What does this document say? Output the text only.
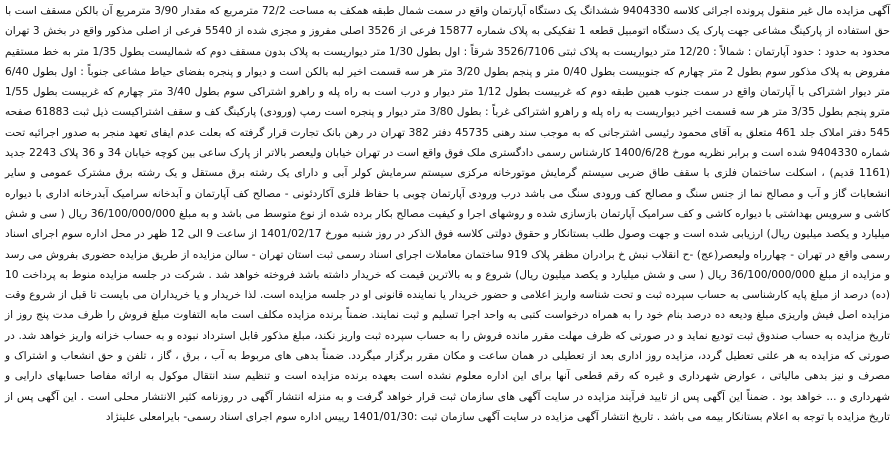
آگهی مزایده مال غیر منقول پرونده اجرائی کلاسه 9404330 ششدانگ یک دستگاه آپارتمان واقع در سمت شمال طبقه همکف به مساحت 72/2 مترمربع که مقدار 3/90 مترمربع آن بالکن مسقف است با حق استفاده از پارکینگ مشاعی جهت پارک یک دستگاه اتومبیل قطعه 1 تفکیکی به پلاک شماره 15877 فرعی از 3526 اصلی مفروز و مجزی شده از 5540 فرعی از اصلی مذکور واقع در بخش 3 تهران محدود به حدود : حدود آپارتمان : شمالاً : 12/20 متر دیواریست به پلاک ثبتی 3526/7106 شرقاً : اول بطول 1/30 متر دیواریست به پلاک بدون مسقف دوم که شمالیست بطول 1/35 متر به خط مستقیم مفروض به پلاک مذکور سوم بطول 2 متر چهارم که جنوبیست بطول 0/40 متر و پنجم بطول 3/20 متر هر سه قسمت اخیر لبه بالکن است و دیوار و پنجره بفضای حیاط مشاعی جنوباً : اول بطول 6/40 متر دیوار اشتراکی با آپارتمان واقع در سمت جنوب همین طبقه دوم که غربیست بطول 1/12 متر دیوار و درب است به راه پله و راهرو اشتراکی سوم بطول 3/40 متر چهارم که غربیست بطول 1/55 مترو پنجم بطول 3/35 متر هر سه قسمت اخیر دیواریست به راه پله و راهرو اشتراکی غرباً : بطول 3/80 متر دیوار و پنجره است رمپ (ورودی) پارکینگ کف و سقف اشتراکیست ذیل ثبت 61883 صفحه 545 دفتر املاک جلد 461 متعلق به آقای محمود رئیسی اشترجانی که به موجب سند رهنی 45735 دفتر 382 تهران در رهن بانک تجارت قرار گرفته که بعلت عدم ایفای تعهد منجر به صدور اجرائیه تحت شماره 9404330 شده است و برابر نظریه مورخ 1400/6/28 کارشناس رسمی دادگستری ملک فوق واقع است در تهران خیابان ولیعصر بالاتر از پارک ساعی بین کوچه خیابان 34 و 36 پلاک 2243 جدید (1161 قدیم) ، اسکلت ساختمان فلزی با سقف طاق ضربی سیستم گرمایش موتورخانه مرکزی سیستم سرمایش کولر آبی و دارای یک رشته برق مستقل و یک رشته برق مشترک عمومی و سایر انشعابات گاز و آب و مصالح نما از جنس سنگ و مصالح کف ورودی سنگ می باشد درب ورودی آپارتمان چوبی با حفاظ فلزی آکاردئونی - مصالح کف آپارتمان و آبدخانه سرامیک آبدرخانه اداری با دیواره کاشی و سرویس بهداشتی با دیواره کاشی و کف سرامیک آپارتمان بازسازی شده و روشهای اجرا و کیفیت مصالح بکار برده شده از نوع متوسط می باشد و به مبلغ 36/100/000/000 ریال ( سی و شش میلیارد و یکصد میلیون ریال) ارزیابی شده است و جهت وصول طلب بستانکار و حقوق دولتی کلاسه فوق الذکر در روز شنبه مورخ 1401/02/17 از ساعت 9 الی 12 ظهر در محل اداره سوم اجرای اسناد رسمی واقع در تهران - چهارراه ولیعصر(عج) -ح انقلاب نبش خ برادران مظفر پلاک 919 ساختمان معاملات اجرای اسناد رسمی ثبت استان تهران - سالن مزایده از طریق مزایده حضوری بفروش می رسد و مزایده از مبلغ 36/100/000/000 ریال ( سی و شش میلیارد و یکصد میلیون ریال) شروع و به بالاترین قیمت که خریدار داشته باشد فروخته خواهد شد . شرکت در جلسه مزایده منوط به پرداخت 10 (ده) درصد از مبلغ پایه کارشناسی به حساب سپرده ثبت و تحت شناسه واریز اعلامی و حضور خریدار یا نماینده قانونی او در جلسه مزایده است. لذا خریدار و یا خریداران می بایست تا قبل از شروع وقت مزایده اصل فیش واریزی مبلغ ودیعه ده درصد بنام خود را به همراه درخواست کتبی به واحد اجرا تسلیم و ثبت نمایند. ضمناً برنده مزایده مکلف است مابه التفاوت مبلغ فروش را ظرف مدت پنج روز از تاریخ مزایده به حساب صندوق ثبت تودیع نماید و در صورتی که ظرف مهلت مقرر مانده فروش را به حساب سپرده ثبت واریز نکند، مبلغ مذکور قابل استرداد نبوده و به حساب خزانه واریز خواهد شد. در صورتی که مزایده به هر علتی تعطیل گردد، مزایده روز اداری بعد از تعطیلی در همان ساعت و مکان مقرر برگزار میگردد. ضمناً بدهی های مربوط به آب ، برق ، گاز ، تلفن و حق انشعاب و اشتراک و مصرف و نیز بدهی مالیاتی ، عوارض شهرداری و غیره که رقم قطعی آنها برای این اداره معلوم نشده است بعهده برنده مزایده است و تنظیم سند انتقال موکول به ارائه مفاصا حسابهای دارایی و شهرداری و ... خواهد بود . ضمناً این آگهی پس از تایید فرآیند مزایده در سایت آگهی های سازمان ثبت قرار خواهد گرفت و به منزله انتشار آگهی در روزنامه کثیر الانتشار محلی است . این آگهی پس از تاریخ مزایده با توجه به اعلام بستانکار بیمه می باشد . تاریخ انتشار آگهی مزایده در سایت آگهی سازمان ثبت :1401/01/30 رییس اداره سوم اجرای اسناد رسمی- بایرامعلی علینژاد
